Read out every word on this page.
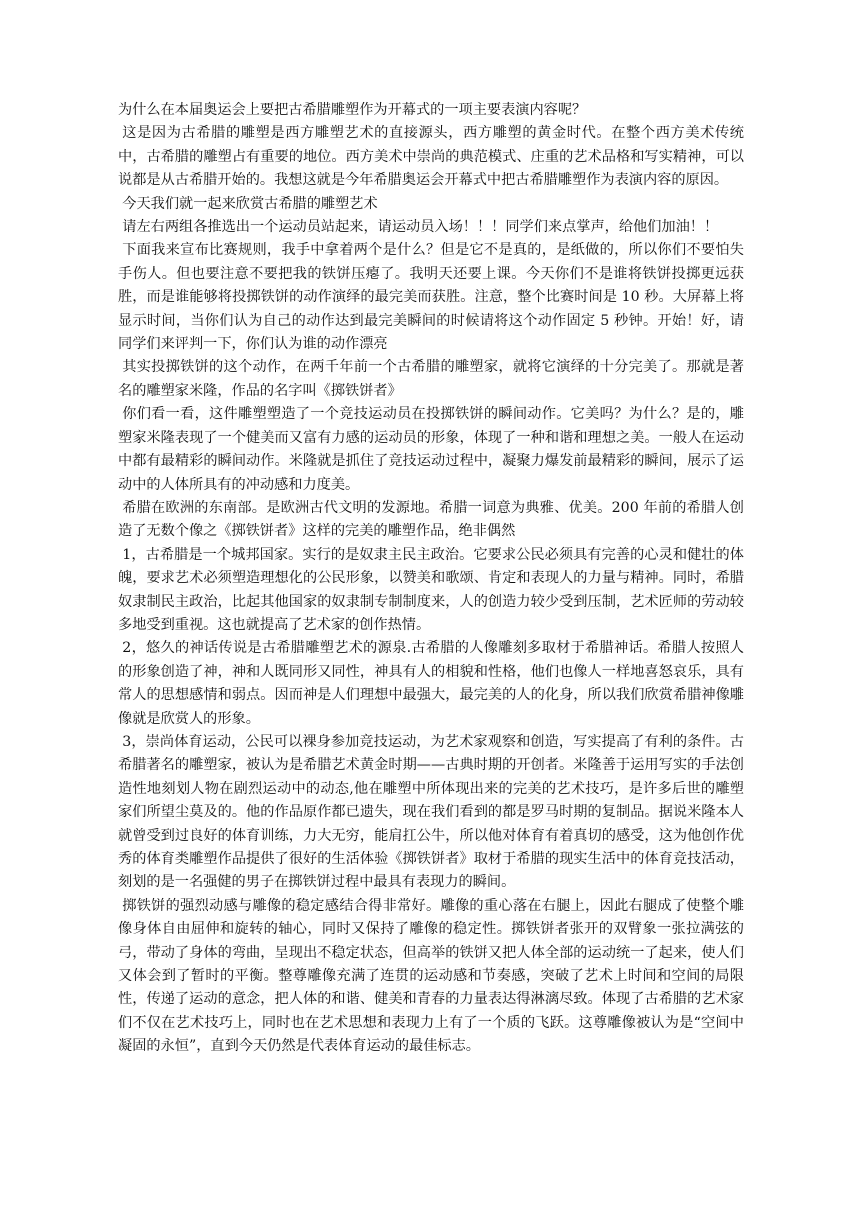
为什么在本届奥运会上要把古希腊雕塑作为开幕式的一项主要表演内容呢？

这是因为古希腊的雕塑是西方雕塑艺术的直接源头，西方雕塑的黄金时代。在整个西方美术传统中，古希腊的雕塑占有重要的地位。西方美术中崇尚的典范模式、庄重的艺术品格和写实精神，可以说都是从古希腊开始的。我想这就是今年希腊奥运会开幕式中把古希腊雕塑作为表演内容的原因。

今天我们就一起来欣赏古希腊的雕塑艺术

请左右两组各推选出一个运动员站起来，请运动员入场！！！同学们来点掌声，给他们加油！！

下面我来宣布比赛规则，我手中拿着两个是什么？但是它不是真的，是纸做的，所以你们不要怕失手伤人。但也要注意不要把我的铁饼压瘪了。我明天还要上课。今天你们不是谁将铁饼投掷更远获胜，而是谁能够将投掷铁饼的动作演绎的最完美而获胜。注意，整个比赛时间是 10 秒。大屏幕上将显示时间，当你们认为自己的动作达到最完美瞬间的时候请将这个动作固定 5 秒钟。开始！好，请同学们来评判一下，你们认为谁的动作漂亮

其实投掷铁饼的这个动作，在两千年前一个古希腊的雕塑家，就将它演绎的十分完美了。那就是著名的雕塑家米隆，作品的名字叫《掷铁饼者》

你们看一看，这件雕塑塑造了一个竞技运动员在投掷铁饼的瞬间动作。它美吗？为什么？是的，雕塑家米隆表现了一个健美而又富有力感的运动员的形象，体现了一种和谐和理想之美。一般人在运动中都有最精彩的瞬间动作。米隆就是抓住了竞技运动过程中，凝聚力爆发前最精彩的瞬间，展示了运动中的人体所具有的冲动感和力度美。

希腊在欧洲的东南部。是欧洲古代文明的发源地。希腊一词意为典雅、优美。200 年前的希腊人创造了无数个像之《掷铁饼者》这样的完美的雕塑作品，绝非偶然

1，古希腊是一个城邦国家。实行的是奴隶主民主政治。它要求公民必须具有完善的心灵和健壮的体魄，要求艺术必须塑造理想化的公民形象，以赞美和歌颂、肯定和表现人的力量与精神。同时，希腊奴隶制民主政治，比起其他国家的奴隶制专制制度来，人的创造力较少受到压制，艺术匠师的劳动较多地受到重视。这也就提高了艺术家的创作热情。

2，悠久的神话传说是古希腊雕塑艺术的源泉.古希腊的人像雕刻多取材于希腊神话。希腊人按照人的形象创造了神，神和人既同形又同性，神具有人的相貌和性格，他们也像人一样地喜怒哀乐，具有常人的思想感情和弱点。因而神是人们理想中最强大，最完美的人的化身，所以我们欣赏希腊神像雕像就是欣赏人的形象。

3，崇尚体育运动，公民可以裸身参加竞技运动，为艺术家观察和创造，写实提高了有利的条件。古希腊著名的雕塑家，被认为是希腊艺术黄金时期——古典时期的开创者。米隆善于运用写实的手法创造性地刻划人物在剧烈运动中的动态,他在雕塑中所体现出来的完美的艺术技巧，是许多后世的雕塑家们所望尘莫及的。他的作品原作都已遗失，现在我们看到的都是罗马时期的复制品。据说米隆本人就曾受到过良好的体育训练，力大无穷，能肩扛公牛，所以他对体育有着真切的感受，这为他创作优秀的体育类雕塑作品提供了很好的生活体验《掷铁饼者》取材于希腊的现实生活中的体育竞技活动，刻划的是一名强健的男子在掷铁饼过程中最具有表现力的瞬间。

掷铁饼的强烈动感与雕像的稳定感结合得非常好。雕像的重心落在右腿上，因此右腿成了使整个雕像身体自由屈伸和旋转的轴心，同时又保持了雕像的稳定性。掷铁饼者张开的双臂象一张拉满弦的弓，带动了身体的弯曲，呈现出不稳定状态，但高举的铁饼又把人体全部的运动统一了起来，使人们又体会到了暂时的平衡。整尊雕像充满了连贯的运动感和节奏感，突破了艺术上时间和空间的局限性，传递了运动的意念，把人体的和谐、健美和青春的力量表达得淋漓尽致。体现了古希腊的艺术家们不仅在艺术技巧上，同时也在艺术思想和表现力上有了一个质的飞跃。这尊雕像被认为是“空间中凝固的永恒”，直到今天仍然是代表体育运动的最佳标志。
